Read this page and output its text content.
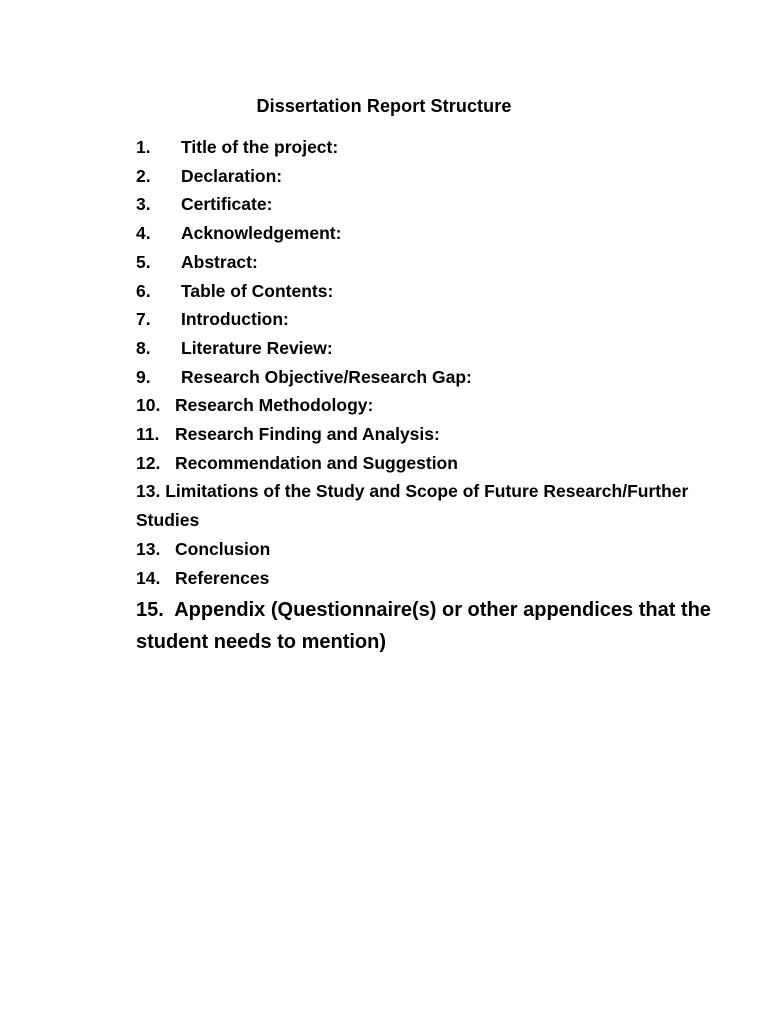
Dissertation Report Structure
1. Title of the project:
2. Declaration:
3. Certificate:
4. Acknowledgement:
5. Abstract:
6. Table of Contents:
7. Introduction:
8. Literature Review:
9. Research Objective/Research Gap:
10. Research Methodology:
11. Research Finding and Analysis:
12. Recommendation and Suggestion
13. Limitations of the Study and Scope of Future Research/Further Studies
13. Conclusion
14. References
15. Appendix (Questionnaire(s) or other appendices that the student needs to mention)
